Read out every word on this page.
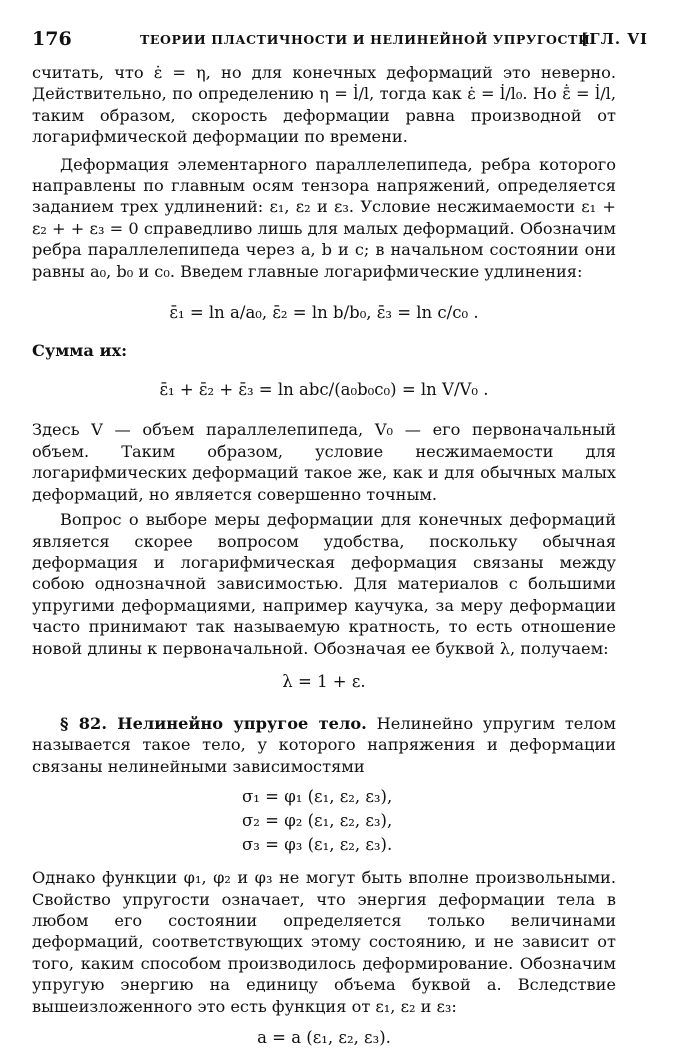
176	ТЕОРИИ ПЛАСТИЧНОСТИ И НЕЛИНЕЙНОЙ УПРУГОСТИ
[ГЛ. VI

считать, что ε̇ = η, но для конечных деформаций это неверно. Действительно, по определению η = l̇/l, тогда как ε̇ = l̇/l₀. Но ε̄̇ = l̇/l, таким образом, скорость деформации равна производной от логарифмической деформации по времени.

Деформация элементарного параллелепипеда, ребра которого направлены по главным осям тензора напряжений, определяется заданием трех удлинений: ε₁, ε₂ и ε₃. Условие несжимаемости ε₁ + ε₂ + + ε₃ = 0 справедливо лишь для малых деформаций. Обозначим ребра параллелепипеда через a, b и c; в начальном состоянии они равны a₀, b₀ и c₀. Введем главные логарифмические удлинения:

ε̄₁ = ln a/a₀, ε̄₂ = ln b/b₀, ε̄₃ = ln c/c₀ .
Сумма их:
ε̄₁ + ε̄₂ + ε̄₃ = ln abc/(a₀b₀c₀) = ln V/V₀ .

Здесь V — объем параллелепипеда, V₀ — его первоначальный объем. Таким образом, условие несжимаемости для логарифмических деформаций такое же, как и для обычных малых деформаций, но является совершенно точным.

Вопрос о выборе меры деформации для конечных деформаций является скорее вопросом удобства, поскольку обычная деформация и логарифмическая деформация связаны между собою однозначной зависимостью. Для материалов с большими упругими деформациями, например каучука, за меру деформации часто принимают так называемую кратность, то есть отношение новой длины к первоначальной. Обозначая ее буквой λ, получаем:

λ = 1 + ε.

§ 82. Нелинейно упругое тело. Нелинейно упругим телом называется такое тело, у которого напряжения и деформации связаны нелинейными зависимостями

σ₁ = φ₁ (ε₁, ε₂, ε₃),
σ₂ = φ₂ (ε₁, ε₂, ε₃),
σ₃ = φ₃ (ε₁, ε₂, ε₃).

Однако функции φ₁, φ₂ и φ₃ не могут быть вполне произвольными. Свойство упругости означает, что энергия деформации тела в любом его состоянии определяется только величинами деформаций, соответствующих этому состоянию, и не зависит от того, каким способом производилось деформирование. Обозначим упругую энергию на единицу объема буквой a. Вследствие вышеизложенного это есть функция от ε₁, ε₂ и ε₃:

a = a (ε₁, ε₂, ε₃).
